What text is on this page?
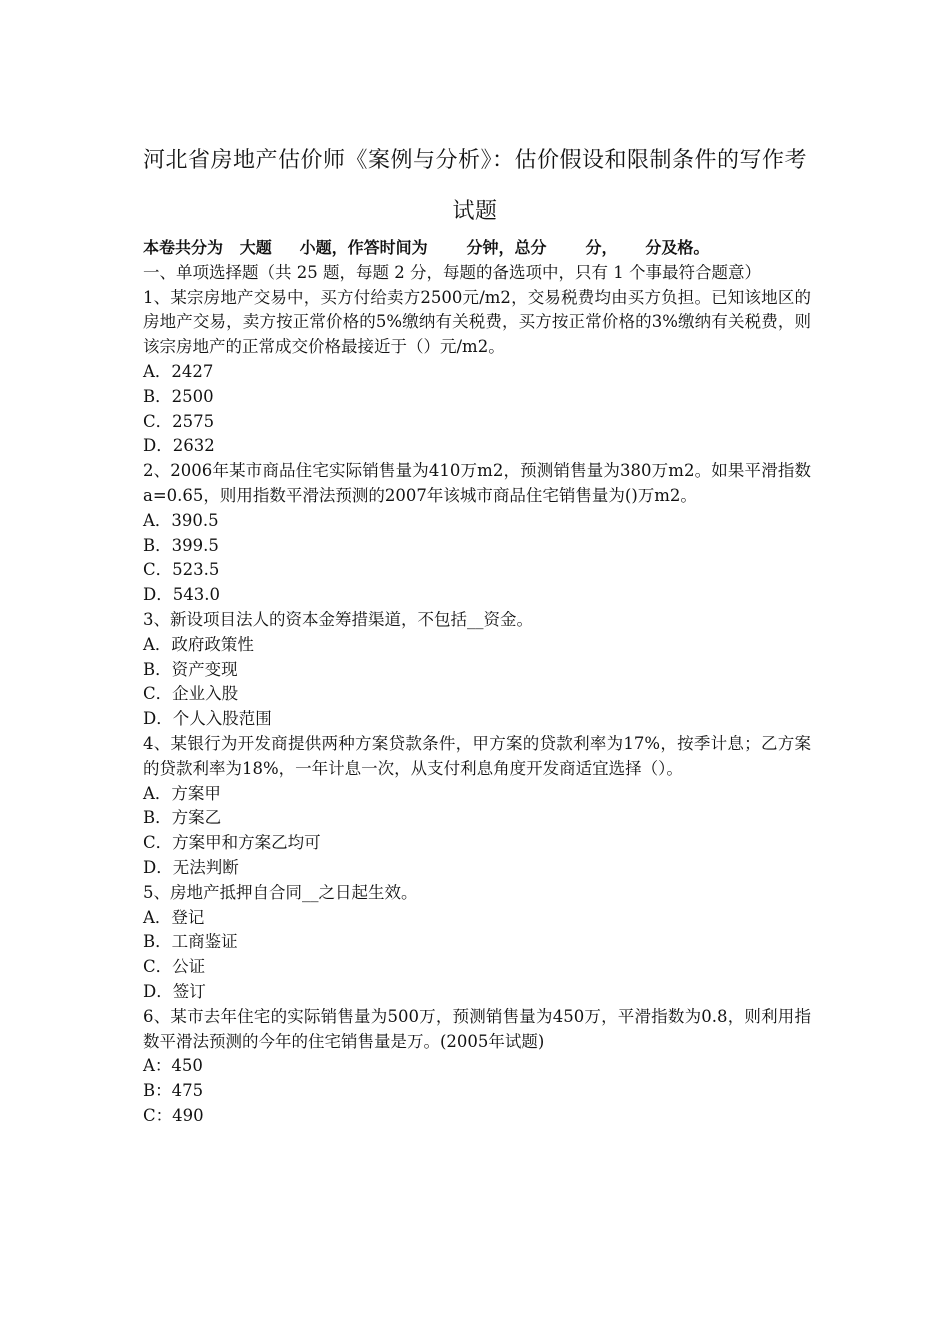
河北省房地产估价师《案例与分析》：估价假设和限制条件的写作考
试题

本卷共分为   大题     小题，作答时间为       分钟，总分       分，     分及格。

一、单项选择题（共 25 题，每题 2 分，每题的备选项中，只有 1 个事最符合题意）

1、某宗房地产交易中，买方付给卖方2500元/m2，交易税费均由买方负担。已知该地区的房地产交易，卖方按正常价格的5%缴纳有关税费，买方按正常价格的3%缴纳有关税费，则该宗房地产的正常成交价格最接近于（）元/m2。

A．2427

B．2500

C．2575

D．2632

2、2006年某市商品住宅实际销售量为410万m2，预测销售量为380万m2。如果平滑指数 a=0.65，则用指数平滑法预测的2007年该城市商品住宅销售量为()万m2。

A．390.5

B．399.5

C．523.5

D．543.0

3、新设项目法人的资本金筹措渠道，不包括__资金。

A．政府政策性

B．资产变现

C．企业入股

D．个人入股范围

4、某银行为开发商提供两种方案贷款条件，甲方案的贷款利率为17%，按季计息；乙方案的贷款利率为18%，一年计息一次，从支付利息角度开发商适宜选择（）。

A．方案甲

B．方案乙

C．方案甲和方案乙均可

D．无法判断

5、房地产抵押自合同__之日起生效。

A．登记

B．工商鉴证

C．公证

D．签订

6、某市去年住宅的实际销售量为500万，预测销售量为450万，平滑指数为0.8，则利用指数平滑法预测的今年的住宅销售量是万。(2005年试题)

A：450

B：475

C：490
